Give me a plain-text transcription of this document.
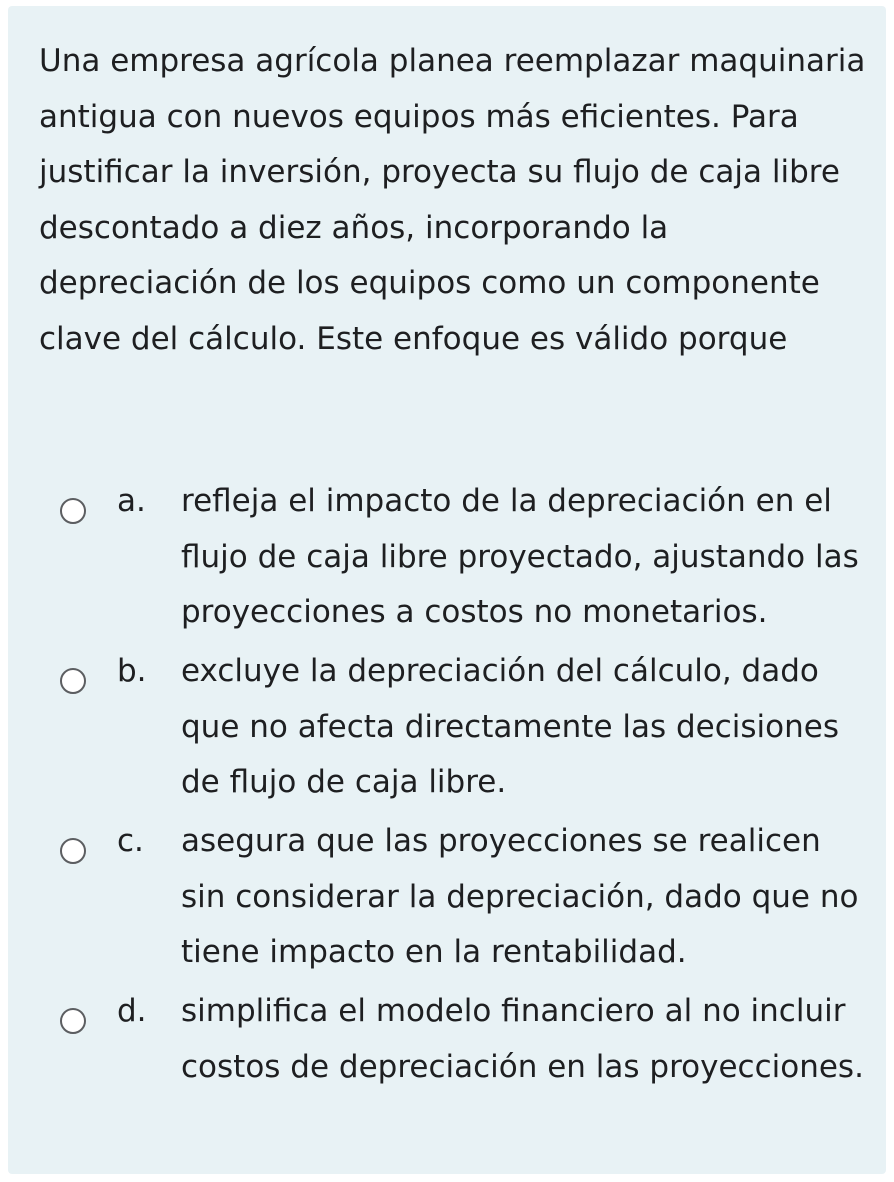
Una empresa agrícola planea reemplazar maquinaria antigua con nuevos equipos más eficientes. Para justificar la inversión, proyecta su flujo de caja libre descontado a diez años, incorporando la depreciación de los equipos como un componente clave del cálculo. Este enfoque es válido porque

a.	refleja el impacto de la depreciación en el flujo de caja libre proyectado, ajustando las proyecciones a costos no monetarios.
b.	excluye la depreciación del cálculo, dado que no afecta directamente las decisiones de flujo de caja libre.
c.	asegura que las proyecciones se realicen sin considerar la depreciación, dado que no tiene impacto en la rentabilidad.
d.	simplifica el modelo financiero al no incluir costos de depreciación en las proyecciones.
